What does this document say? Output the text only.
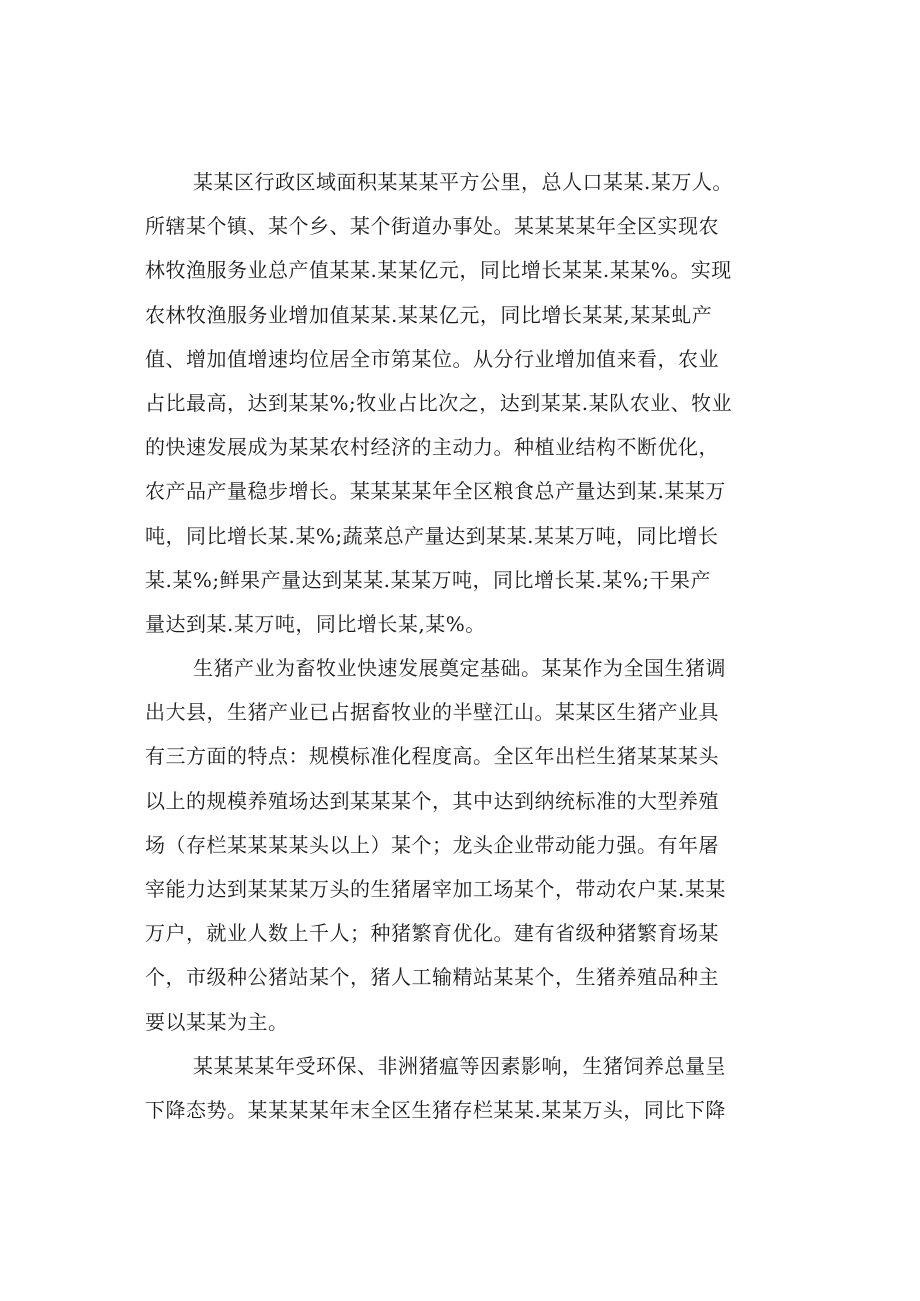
某某区行政区域面积某某某平方公里，总人口某某.某万人。
所辖某个镇、某个乡、某个街道办事处。某某某某年全区实现农
林牧渔服务业总产值某某.某某亿元，同比增长某某.某某%。实现
农林牧渔服务业增加值某某.某某亿元，同比增长某某,某某虬产
值、增加值增速均位居全市第某位。从分行业增加值来看，农业
占比最高，达到某某%;牧业占比次之，达到某某.某队农业、牧业
的快速发展成为某某农村经济的主动力。种植业结构不断优化，
农产品产量稳步增长。某某某某年全区粮食总产量达到某.某某万
吨，同比增长某.某%;蔬菜总产量达到某某.某某万吨，同比增长
某.某%;鲜果产量达到某某.某某万吨，同比增长某.某%;干果产
量达到某.某万吨，同比增长某,某%。
生猪产业为畜牧业快速发展奠定基础。某某作为全国生猪调
出大县，生猪产业已占据畜牧业的半壁江山。某某区生猪产业具
有三方面的特点：规模标准化程度高。全区年出栏生猪某某某头
以上的规模养殖场达到某某某个，其中达到纳统标准的大型养殖
场（存栏某某某某头以上）某个；龙头企业带动能力强。有年屠
宰能力达到某某某万头的生猪屠宰加工场某个，带动农户某.某某
万户，就业人数上千人；种猪繁育优化。建有省级种猪繁育场某
个，市级种公猪站某个，猪人工输精站某某个，生猪养殖品种主
要以某某为主。
某某某某年受环保、非洲猪瘟等因素影响，生猪饲养总量呈
下降态势。某某某某年末全区生猪存栏某某.某某万头，同比下降
